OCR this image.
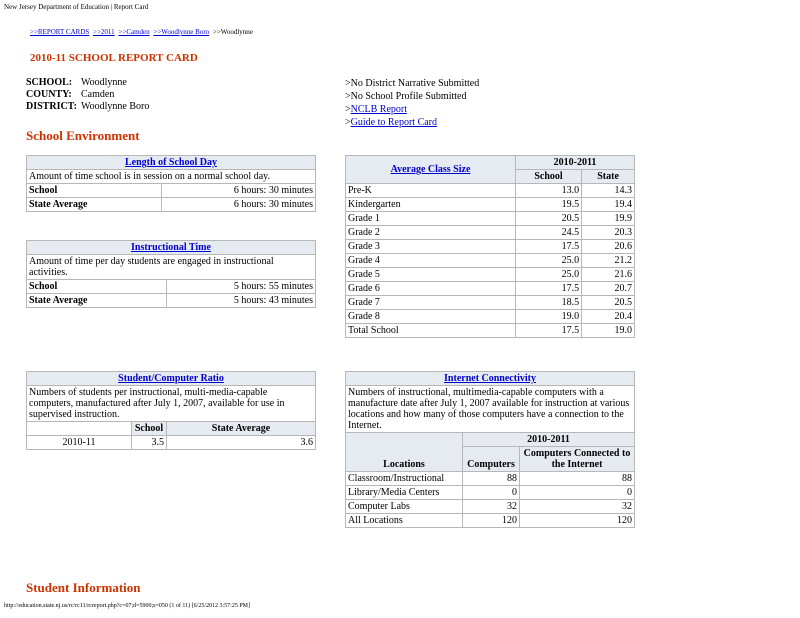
New Jersey Department of Education | Report Card
>>REPORT CARDS >>2011 >>Camden >>Woodlynne Boro >>Woodlynne
2010-11 SCHOOL REPORT CARD
SCHOOL: Woodlynne
COUNTY: Camden
DISTRICT: Woodlynne Boro
>No District Narrative Submitted
>No School Profile Submitted
>NCLB Report
>Guide to Report Card
School Environment
Length of School Day	
Amount of time school is in session on a normal school day.	
School	6 hours: 30 minutes
State Average	6 hours: 30 minutes
Instructional Time	
Amount of time per day students are engaged in instructional activities.	
School	5 hours: 55 minutes
State Average	5 hours: 43 minutes
Average Class Size	2010-2011	
	School	State
Pre-K	13.0	14.3
Kindergarten	19.5	19.4
Grade 1	20.5	19.9
Grade 2	24.5	20.3
Grade 3	17.5	20.6
Grade 4	25.0	21.2
Grade 5	25.0	21.6
Grade 6	17.5	20.7
Grade 7	18.5	20.5
Grade 8	19.0	20.4
Total School	17.5	19.0
Student/Computer Ratio		
Numbers of students per instructional, multi-media-capable computers, manufactured after July 1, 2007, available for use in supervised instruction.		
	School	State Average
2010-11	3.5	3.6
Internet Connectivity		
Numbers of instructional, multimedia-capable computers with a manufacture date after July 1, 2007 available for instruction at various locations and how many of those computers have a connection to the Internet.		
Locations	2010-2011	
	Computers	Computers Connected to the Internet
Classroom/Instructional	88	88
Library/Media Centers	0	0
Computer Labs	32	32
All Locations	120	120
Student Information
http://education.state.nj.us/rc/rc11/rcreport.php?c=07;d=5900;s=050 (1 of 11) [6/25/2012 3:57:25 PM]
